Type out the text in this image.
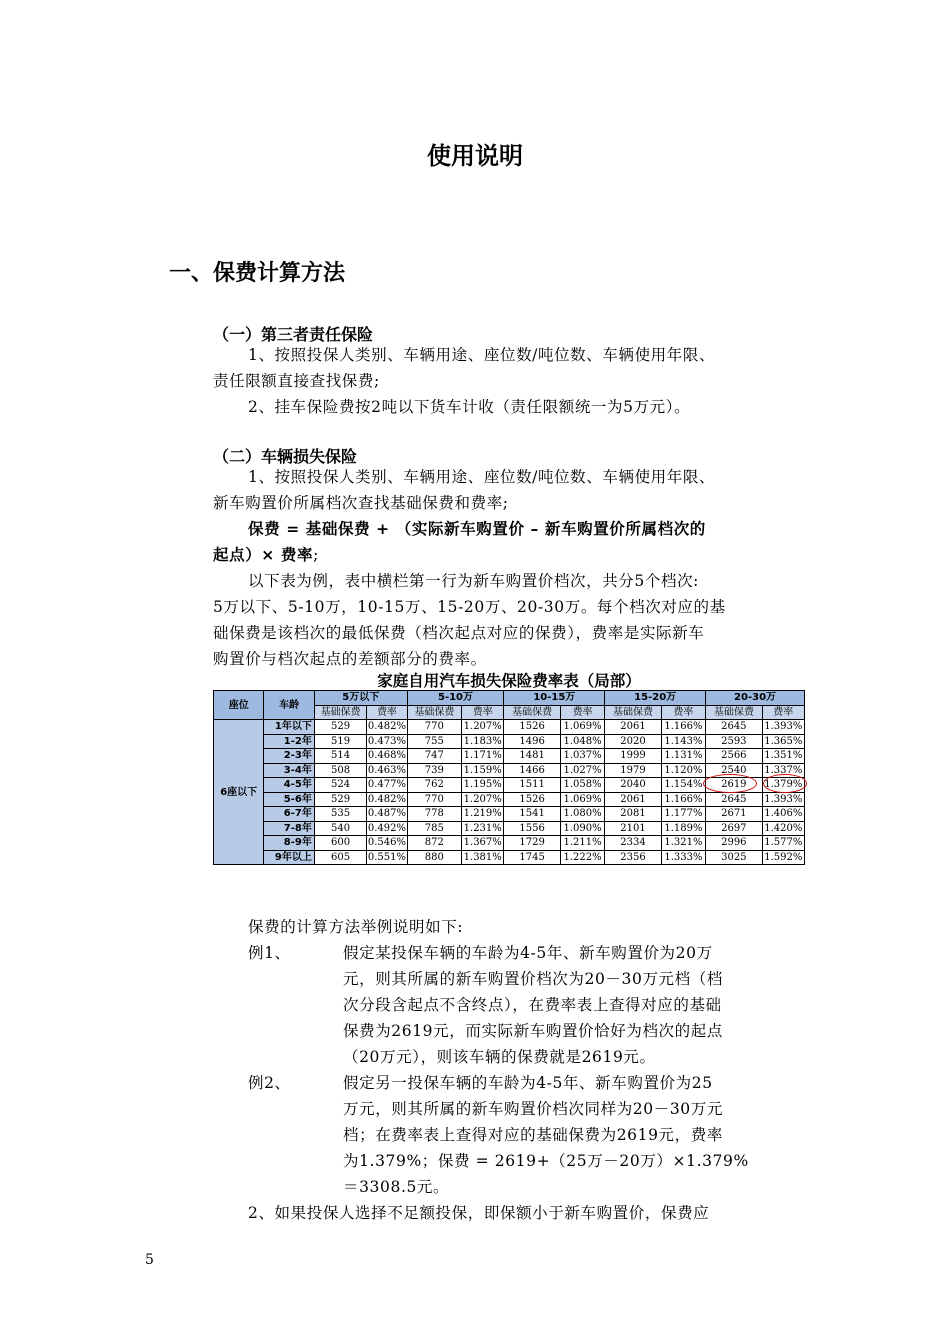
使用说明
一、保费计算方法
（一）第三者责任保险
1、按照投保人类别、车辆用途、座位数/吨位数、车辆使用年限、
责任限额直接查找保费;
2、挂车保险费按2吨以下货车计收（责任限额统一为5万元）。
（二）车辆损失保险
1、按照投保人类别、车辆用途、座位数/吨位数、车辆使用年限、
新车购置价所属档次查找基础保费和费率;
保费 = 基础保费 + （实际新车购置价 – 新车购置价所属档次的
起点）× 费率;
以下表为例，表中横栏第一行为新车购置价档次，共分5个档次:
5万以下、5-10万，10-15万、15-20万、20-30万。每个档次对应的基
础保费是该档次的最低保费（档次起点对应的保费），费率是实际新车
购置价与档次起点的差额部分的费率。
家庭自用汽车损失保险费率表（局部）
座位	车龄	5万以下		5-10万		10-15万		15-20万		20-30万	
		基础保费	费率	基础保费	费率	基础保费	费率	基础保费	费率	基础保费	费率
6座以下	1年以下	529	0.482%	770	1.207%	1526	1.069%	2061	1.166%	2645	1.393%
	1-2年	519	0.473%	755	1.183%	1496	1.048%	2020	1.143%	2593	1.365%
	2-3年	514	0.468%	747	1.171%	1481	1.037%	1999	1.131%	2566	1.351%
	3-4年	508	0.463%	739	1.159%	1466	1.027%	1979	1.120%	2540	1.337%
	4-5年	524	0.477%	762	1.195%	1511	1.058%	2040	1.154%	2619	1.379%
	5-6年	529	0.482%	770	1.207%	1526	1.069%	2061	1.166%	2645	1.393%
	6-7年	535	0.487%	778	1.219%	1541	1.080%	2081	1.177%	2671	1.406%
	7-8年	540	0.492%	785	1.231%	1556	1.090%	2101	1.189%	2697	1.420%
	8-9年	600	0.546%	872	1.367%	1729	1.211%	2334	1.321%	2996	1.577%
	9年以上	605	0.551%	880	1.381%	1745	1.222%	2356	1.333%	3025	1.592%
保费的计算方法举例说明如下:
例1、	假定某投保车辆的车龄为4-5年、新车购置价为20万
元，则其所属的新车购置价档次为20－30万元档（档
次分段含起点不含终点），在费率表上查得对应的基础
保费为2619元，而实际新车购置价恰好为档次的起点
（20万元），则该车辆的保费就是2619元。
例2、	假定另一投保车辆的车龄为4-5年、新车购置价为25
万元，则其所属的新车购置价档次同样为20－30万元
档；在费率表上查得对应的基础保费为2619元，费率
为1.379%；保费 = 2619+（25万－20万）×1.379%
＝3308.5元。
2、如果投保人选择不足额投保，即保额小于新车购置价，保费应
5
